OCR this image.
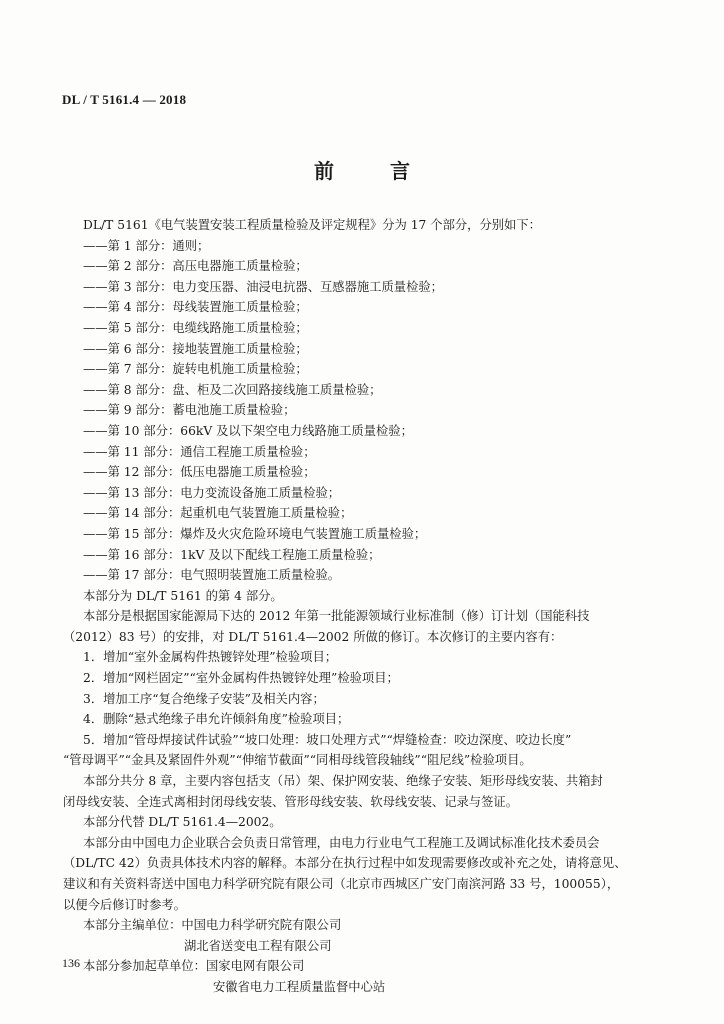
DL / T 5161.4 — 2018
前 言
DL/T 5161《电气装置安装工程质量检验及评定规程》分为 17 个部分，分别如下：
——第 1 部分：通则；
——第 2 部分：高压电器施工质量检验；
——第 3 部分：电力变压器、油浸电抗器、互感器施工质量检验；
——第 4 部分：母线装置施工质量检验；
——第 5 部分：电缆线路施工质量检验；
——第 6 部分：接地装置施工质量检验；
——第 7 部分：旋转电机施工质量检验；
——第 8 部分：盘、柜及二次回路接线施工质量检验；
——第 9 部分：蓄电池施工质量检验；
——第 10 部分：66kV 及以下架空电力线路施工质量检验；
——第 11 部分：通信工程施工质量检验；
——第 12 部分：低压电器施工质量检验；
——第 13 部分：电力变流设备施工质量检验；
——第 14 部分：起重机电气装置施工质量检验；
——第 15 部分：爆炸及火灾危险环境电气装置施工质量检验；
——第 16 部分：1kV 及以下配线工程施工质量检验；
——第 17 部分：电气照明装置施工质量检验。
本部分为 DL/T 5161 的第 4 部分。
本部分是根据国家能源局下达的 2012 年第一批能源领域行业标准制（修）订计划（国能科技
（2012）83 号）的安排，对 DL/T 5161.4—2002 所做的修订。本次修订的主要内容有：
1．增加“室外金属构件热镀锌处理”检验项目；
2．增加“网栏固定”“室外金属构件热镀锌处理”检验项目；
3．增加工序“复合绝缘子安装”及相关内容；
4．删除“悬式绝缘子串允许倾斜角度”检验项目；
5．增加“管母焊接试件试验”“坡口处理：坡口处理方式”“焊缝检查：咬边深度、咬边长度”
“管母调平”“金具及紧固件外观”“伸缩节截面”“同相母线管段轴线”“阻尼线”检验项目。
本部分共分 8 章，主要内容包括支（吊）架、保护网安装、绝缘子安装、矩形母线安装、共箱封
闭母线安装、全连式离相封闭母线安装、管形母线安装、软母线安装、记录与签证。
本部分代替 DL/T 5161.4—2002。
本部分由中国电力企业联合会负责日常管理，由电力行业电气工程施工及调试标准化技术委员会
（DL/TC 42）负责具体技术内容的解释。本部分在执行过程中如发现需要修改或补充之处，请将意见、
建议和有关资料寄送中国电力科学研究院有限公司（北京市西城区广安门南滨河路 33 号，100055），
以便今后修订时参考。
本部分主编单位：中国电力科学研究院有限公司
湖北省送变电工程有限公司
本部分参加起草单位：国家电网有限公司
安徽省电力工程质量监督中心站
136
